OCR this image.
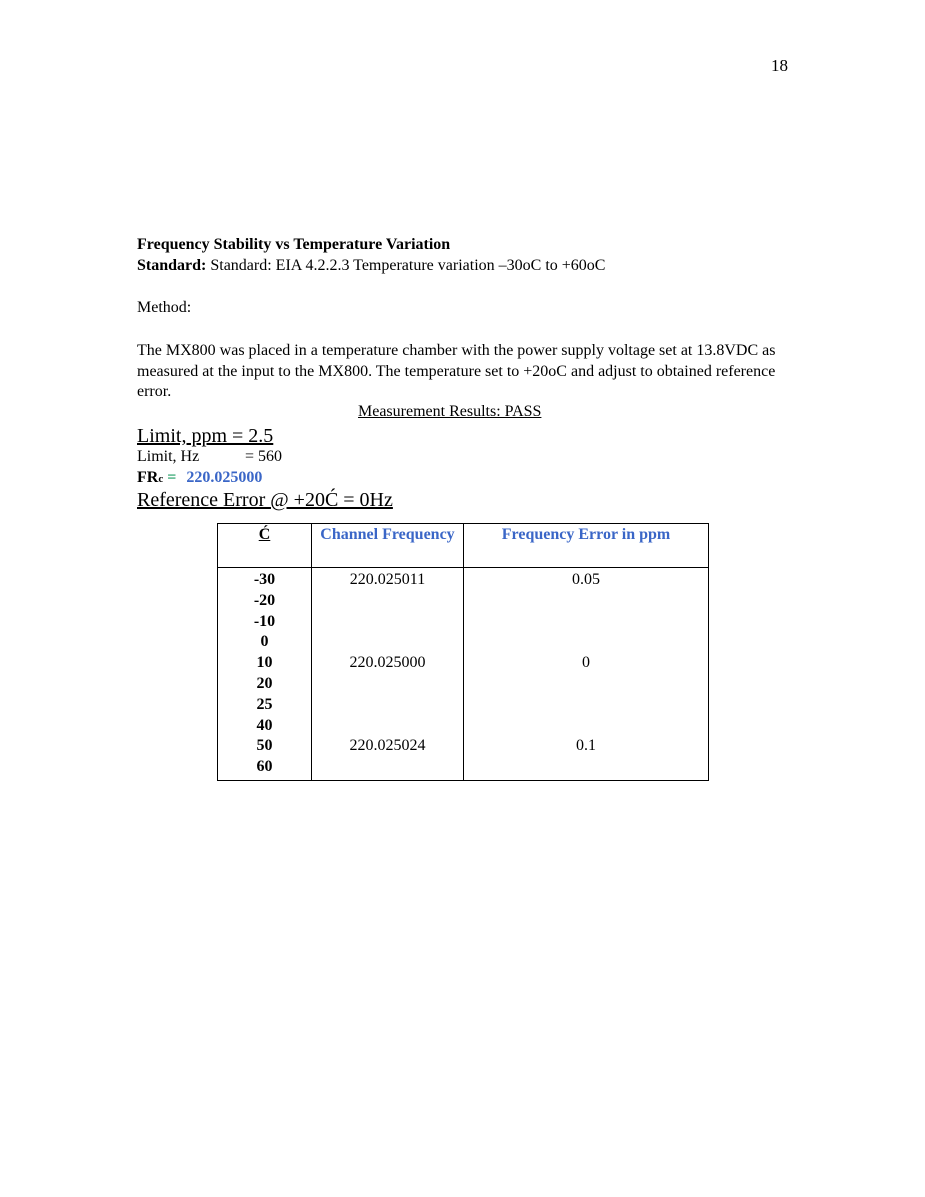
18
Frequency Stability vs Temperature Variation
Standard: Standard: EIA 4.2.2.3 Temperature variation –30oC to +60oC
Method:
The MX800 was placed in a temperature chamber with the power supply voltage set at 13.8VDC as measured at the input to the MX800. The temperature set to +20oC and adjust to obtained reference error.
Measurement Results: PASS
Limit, ppm = 2.5
Limit, Hz	= 560
FRc = 220.025000
Reference Error @ +20Ć = 0Hz
Ć	Channel Frequency	Frequency Error in ppm
-30	220.025011	0.05
-20		
-10		
0		
10	220.025000	0
20		
25		
40		
50	220.025024	0.1
60		
